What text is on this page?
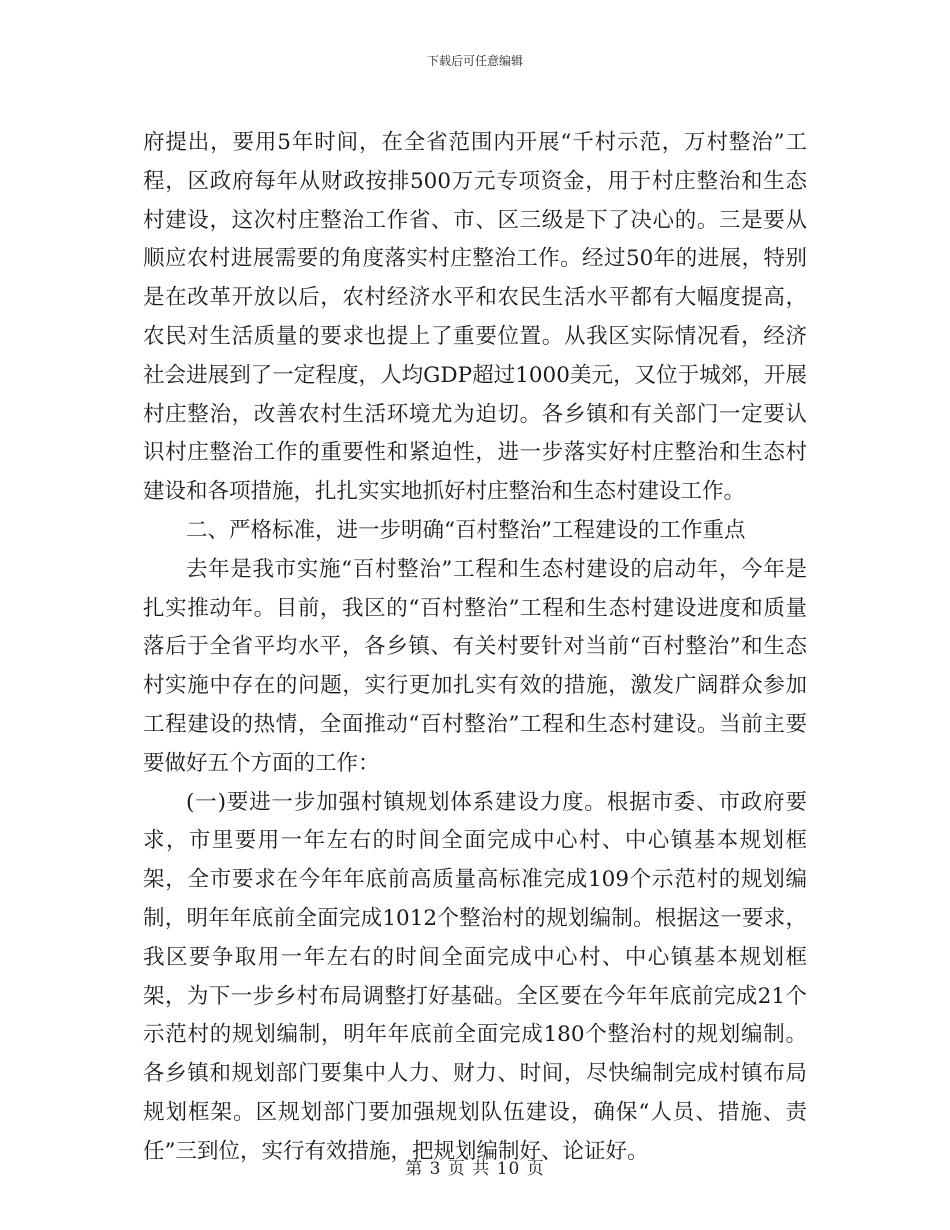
下载后可任意编辑

府提出，要用5年时间，在全省范围内开展“千村示范，万村整治”工程，区政府每年从财政按排500万元专项资金，用于村庄整治和生态村建设，这次村庄整治工作省、市、区三级是下了决心的。三是要从顺应农村进展需要的角度落实村庄整治工作。经过50年的进展，特别是在改革开放以后，农村经济水平和农民生活水平都有大幅度提高，农民对生活质量的要求也提上了重要位置。从我区实际情况看，经济社会进展到了一定程度，人均GDP超过1000美元，又位于城郊，开展村庄整治，改善农村生活环境尤为迫切。各乡镇和有关部门一定要认识村庄整治工作的重要性和紧迫性，进一步落实好村庄整治和生态村建设和各项措施，扎扎实实地抓好村庄整治和生态村建设工作。

二、严格标准，进一步明确“百村整治”工程建设的工作重点

去年是我市实施“百村整治”工程和生态村建设的启动年，今年是扎实推动年。目前，我区的“百村整治”工程和生态村建设进度和质量落后于全省平均水平，各乡镇、有关村要针对当前“百村整治”和生态村实施中存在的问题，实行更加扎实有效的措施，激发广阔群众参加工程建设的热情，全面推动“百村整治”工程和生态村建设。当前主要要做好五个方面的工作：

(一)要进一步加强村镇规划体系建设力度。根据市委、市政府要求，市里要用一年左右的时间全面完成中心村、中心镇基本规划框架，全市要求在今年年底前高质量高标准完成109个示范村的规划编制，明年年底前全面完成1012个整治村的规划编制。根据这一要求，我区要争取用一年左右的时间全面完成中心村、中心镇基本规划框架，为下一步乡村布局调整打好基础。全区要在今年年底前完成21个示范村的规划编制，明年年底前全面完成180个整治村的规划编制。各乡镇和规划部门要集中人力、财力、时间，尽快编制完成村镇布局规划框架。区规划部门要加强规划队伍建设，确保“人员、措施、责任”三到位，实行有效措施，把规划编制好、论证好。

第 3 页 共 10 页
